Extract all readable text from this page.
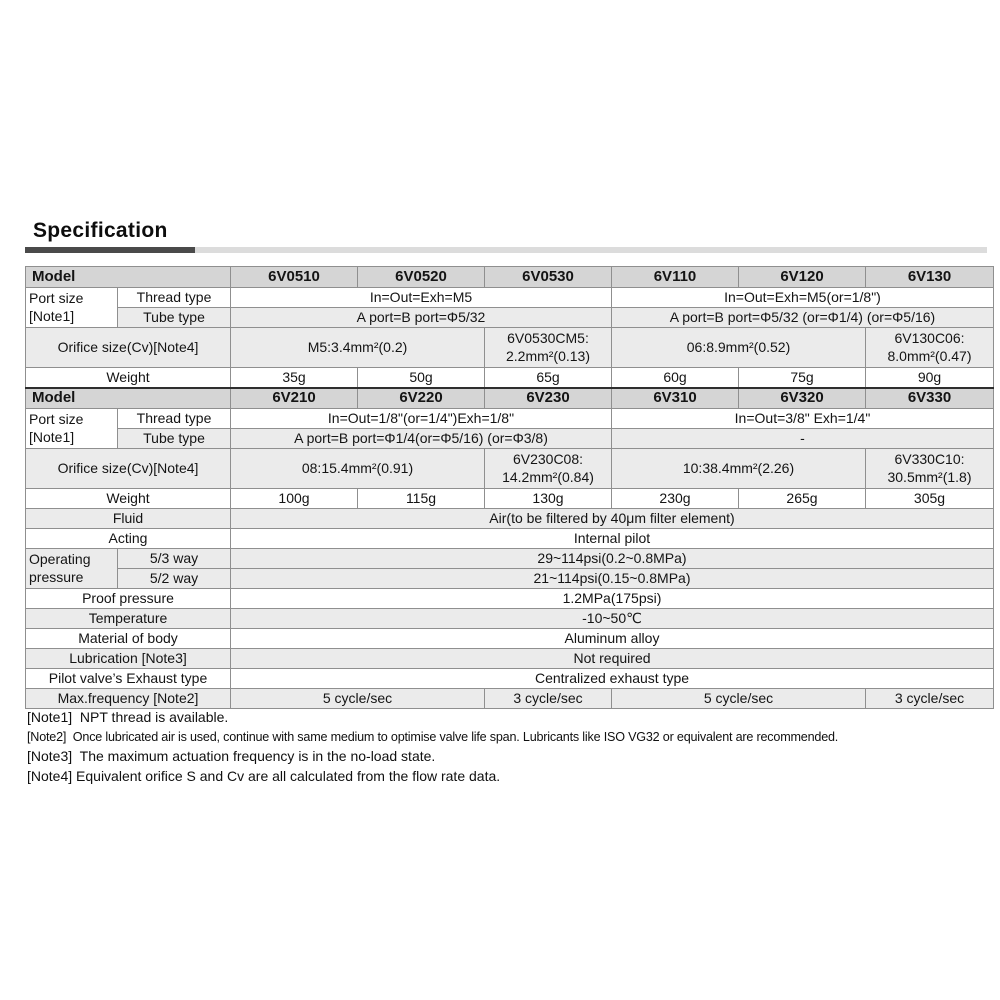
Specification
Model		6V0510	6V0520	6V0530	6V110	6V120	6V130

Port size
[Note1]	Thread type	In=Out=Exh=M5			In=Out=Exh=M5(or=1/8")		
	Tube type	A port=B port=Φ5/32			A port=B port=Φ5/32 (or=Φ1/4) (or=Φ5/16)		
Orifice size(Cv)[Note4]		M5:3.4mm²(0.2)		6V0530CM5: 2.2mm²(0.13)	06:8.9mm²(0.52)		6V130C06: 8.0mm²(0.47)
Weight		35g	50g	65g	60g	75g	90g
Model		6V210	6V220	6V230	6V310	6V320	6V330

Port size
[Note1]	Thread type	In=Out=1/8"(or=1/4")Exh=1/8"			In=Out=3/8" Exh=1/4"		
	Tube type	A port=B port=Φ1/4(or=Φ5/16) (or=Φ3/8)			-		
Orifice size(Cv)[Note4]		08:15.4mm²(0.91)		6V230C08: 14.2mm²(0.84)	10:38.4mm²(2.26)		6V330C10: 30.5mm²(1.8)
Weight		100g	115g	130g	230g	265g	305g
Fluid		Air(to be filtered by 40μm filter element)					
Acting		Internal pilot					

Operating
pressure	5/3 way	29~114psi(0.2~0.8MPa)					
	5/2 way	21~114psi(0.15~0.8MPa)					
Proof pressure		1.2MPa(175psi)					
Temperature		-10~50℃					
Material of body		Aluminum alloy					
Lubrication [Note3]		Not required					
Pilot valve’s Exhaust type		Centralized exhaust type					
Max.frequency [Note2]		5 cycle/sec		3 cycle/sec	5 cycle/sec		3 cycle/sec
[Note1]  NPT thread is available.
[Note2]  Once lubricated air is used, continue with same medium to optimise valve life span. Lubricants like ISO VG32 or equivalent are recommended.
[Note3]  The maximum actuation frequency is in the no-load state.
[Note4] Equivalent orifice S and Cv are all calculated from the flow rate data.
